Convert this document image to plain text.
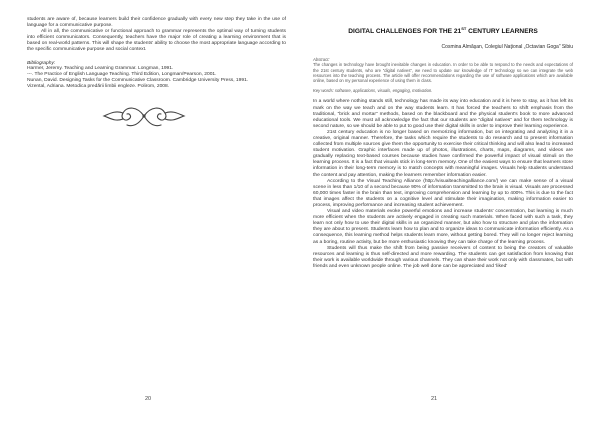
students are aware of, because learners build their confidence gradually with every new step they take in the use of language for a communicative purpose.

All in all, the communicative or functional approach to grammar represents the optimal way of turning students into efficient communicators. Consequently, teachers have the major role of creating a learning environment that is based on real-world patterns. This will shape the students' ability to choose the most appropriate language according to the specific communicative purpose and social context.

Bibliography:

Harmer, Jeremy. Teaching and Learning Grammar. Longman, 1991.

---. The Practice of English Language Teaching. Third Edition, Longman/Pearson, 2001.

Nunan, David. Designing Tasks for the Communicative Classroom. Cambridge University Press, 1991.

Vizental, Adriana. Metodica predării limbii engleze. Polirom, 2008.

20
DIGITAL CHALLENGES FOR THE 21ST CENTURY LEARNERS
Cosmina Almăşan, Colegiul Naţional „Octavian Goga” Sibiu
Abstract:

The changes in technology have brought inevitable changes in education. In order to be able to respond to the needs and expectations of the 21st century students, who are “digital natives”, we need to update our knowledge of IT technology so we can integrate the web resources into the teaching process. The article will offer recommendations regarding the use of software applications which are available online, based on my personal experience of using them in class.

Key words: software, applications, visuals, engaging, motivation.

In a world where nothing stands still, technology has made its way into education and it is here to stay, as it has left its mark on the way we teach and on the way students learn. It has forced the teachers to shift emphasis from the traditional, “brick and mortar” methods, based on the blackboard and the physical student's book to more advanced educational tools. We must all acknowledge the fact that our students are “digital natives” and for them technology is second nature, so we should be able to put to good use their digital skills in order to improve their learning experience.

21st century education is no longer based on memorizing information, but on integrating and analyzing it in a creative, original manner. Therefore, the tasks which require the students to do research and to present information collected from multiple sources give them the opportunity to exercise their critical thinking and will also lead to increased student motivation. Graphic interfaces made up of photos, illustrations, charts, maps, diagrams, and videos are gradually replacing text-based courses because studies have confirmed the powerful impact of visual stimuli on the learning process. It is a fact that visuals stick in long-term memory. One of the easiest ways to ensure that learners store information in their long-term memory is to match concepts with meaningful images. Visuals help students understand the content and pay attention, making the learners remember information easier.

According to the Visual Teaching Alliance (http://visualteachingalliance.com/) we can make sense of a visual scene in less than 1/10 of a second because 90% of information transmitted to the brain is visual. Visuals are processed 60,000 times faster in the brain than text, improving comprehension and learning by up to 400%. This is due to the fact that images affect the students on a cognitive level and stimulate their imagination, making information easier to process, improving performance and increasing student achievement.

Visual and video materials evoke powerful emotions and increase students' concentration, but learning is much more efficient when the students are actively engaged in creating such materials. When faced with such a task, they learn not only how to use their digital skills in an organized manner, but also how to structure and plan the information they are about to present. Students learn how to plan and to organize ideas to communicate information efficiently. As a consequence, this learning method helps students learn more, without getting bored. They will no longer reject learning as a boring, routine activity, but be more enthusiastic knowing they can take charge of the learning process.

Students will thus make the shift from being passive receivers of content to being the creators of valuable resources and learning is thus self-directed and more rewarding. The students can get satisfaction from knowing that their work is available worldwide through various channels. They can share their work not only with classmates, but with friends and even unknown people online. The job well done can be appreciated and 'liked'

21
